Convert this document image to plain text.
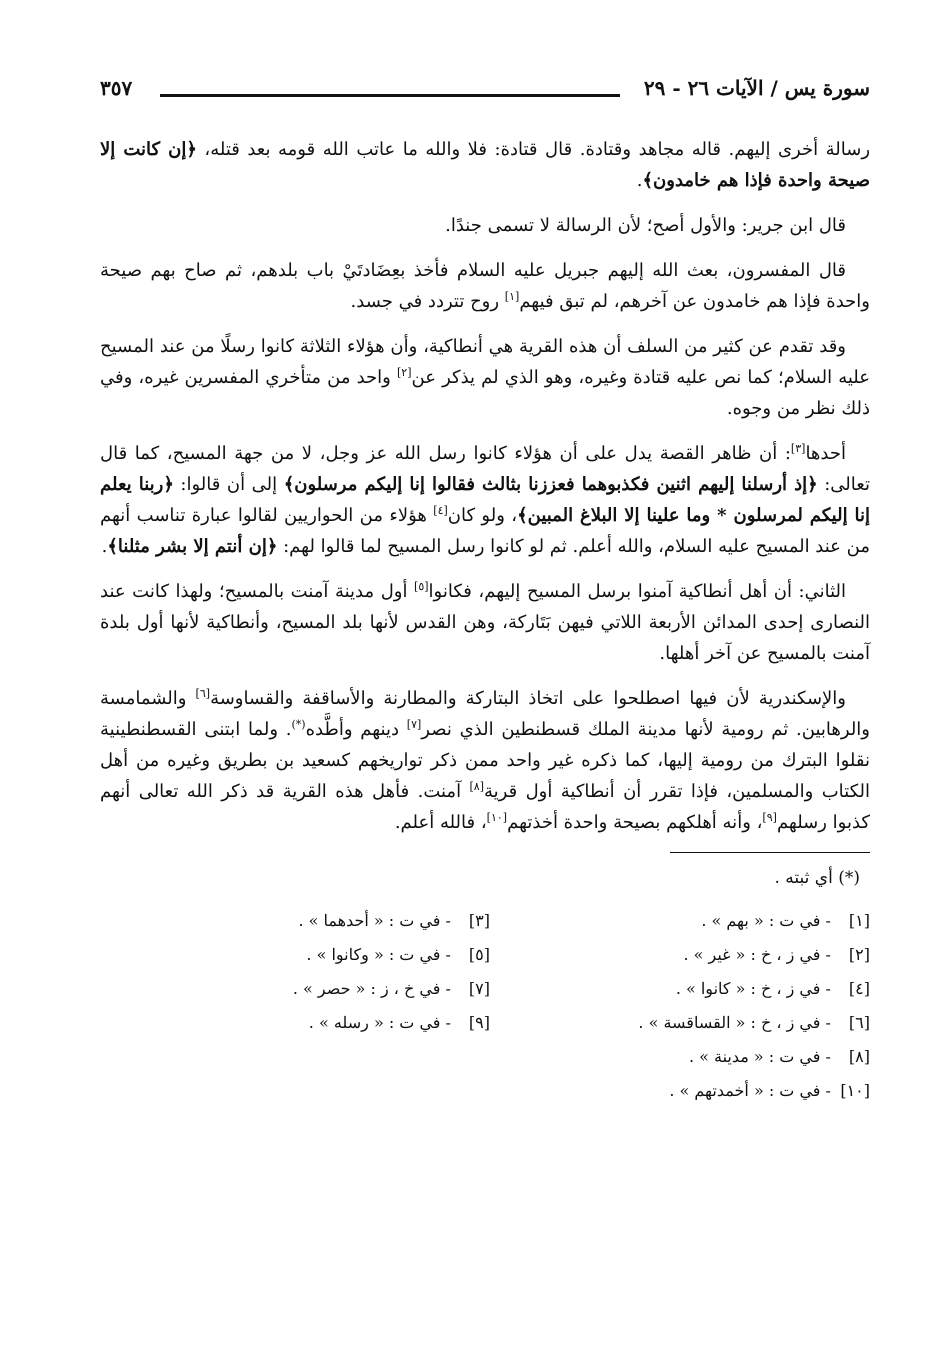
سورة يس / الآيات ٢٦ - ٢٩
٣٥٧

رسالة أخرى إليهم. قاله مجاهد وقتادة. قال قتادة: فلا والله ما عاتب الله قومه بعد قتله، ﴿إن كانت إلا صيحة واحدة فإذا هم خامدون﴾.

قال ابن جرير: والأول أصح؛ لأن الرسالة لا تسمى جندًا.

قال المفسرون، بعث الله إليهم جبريل عليه السلام فأخذ بعِضَادتَيْ باب بلدهم، ثم صاح بهم صيحة واحدة فإذا هم خامدون عن آخرهم، لم تبق فيهم[١] روح تتردد في جسد.

وقد تقدم عن كثير من السلف أن هذه القرية هي أنطاكية، وأن هؤلاء الثلاثة كانوا رسلًا من عند المسيح عليه السلام؛ كما نص عليه قتادة وغيره، وهو الذي لم يذكر عن[٢] واحد من متأخري المفسرين غيره، وفي ذلك نظر من وجوه.

أحدها[٣]: أن ظاهر القصة يدل على أن هؤلاء كانوا رسل الله عز وجل، لا من جهة المسيح، كما قال تعالى: ﴿إذ أرسلنا إليهم اثنين فكذبوهما فعززنا بثالث فقالوا إنا إليكم مرسلون﴾ إلى أن قالوا: ﴿ربنا يعلم إنا إليكم لمرسلون * وما علينا إلا البلاغ المبين﴾، ولو كان[٤] هؤلاء من الحواريين لقالوا عبارة تناسب أنهم من عند المسيح عليه السلام، والله أعلم. ثم لو كانوا رسل المسيح لما قالوا لهم: ﴿إن أنتم إلا بشر مثلنا﴾.

الثاني: أن أهل أنطاكية آمنوا برسل المسيح إليهم، فكانوا[٥] أول مدينة آمنت بالمسيح؛ ولهذا كانت عند النصارى إحدى المدائن الأربعة اللاتي فيهن بَتَاركة، وهن القدس لأنها بلد المسيح، وأنطاكية لأنها أول بلدة آمنت بالمسيح عن آخر أهلها.

والإسكندرية لأن فيها اصطلحوا على اتخاذ البتاركة والمطارنة والأساقفة والقساوسة[٦] والشمامسة والرهابين. ثم رومية لأنها مدينة الملك قسطنطين الذي نصر[٧] دينهم وأطَّده(*). ولما ابتنى القسطنطينية نقلوا البترك من رومية إليها، كما ذكره غير واحد ممن ذكر تواريخهم كسعيد بن بطريق وغيره من أهل الكتاب والمسلمين، فإذا تقرر أن أنطاكية أول قرية[٨] آمنت. فأهل هذه القرية قد ذكر الله تعالى أنهم كذبوا رسلهم[٩]، وأنه أهلكهم بصيحة واحدة أخذتهم[١٠]، فالله أعلم.

(*) أي ثبته .
[١] - في ت : « بهم » .
[٣] - في ت : « أحدهما » .
[٢] - في ز ، خ : « غير » .
[٥] - في ت : « وكانوا » .
[٤] - في ز ، خ : « كانوا » .
[٧] - في خ ، ز : « حصر » .
[٦] - في ز ، خ : « القساقسة » .
[٩] - في ت : « رسله » .
[٨] - في ت : « مدينة » .
[١٠] - في ت : « أخمدتهم » .
